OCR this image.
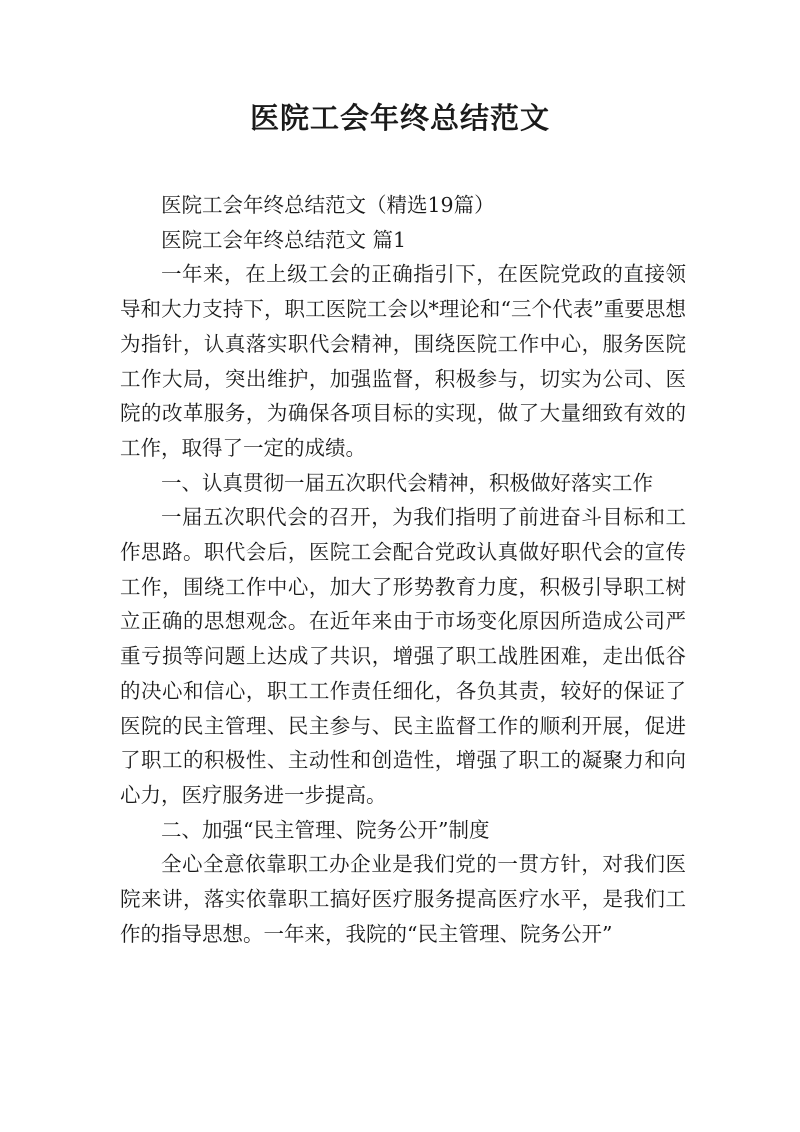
医院工会年终总结范文

医院工会年终总结范文（精选19篇）

医院工会年终总结范文 篇1

一年来，在上级工会的正确指引下，在医院党政的直接领导和大力支持下，职工医院工会以*理论和“三个代表”重要思想为指针，认真落实职代会精神，围绕医院工作中心，服务医院工作大局，突出维护，加强监督，积极参与，切实为公司、医院的改革服务，为确保各项目标的实现，做了大量细致有效的工作，取得了一定的成绩。

一、认真贯彻一届五次职代会精神，积极做好落实工作

一届五次职代会的召开，为我们指明了前进奋斗目标和工作思路。职代会后，医院工会配合党政认真做好职代会的宣传工作，围绕工作中心，加大了形势教育力度，积极引导职工树立正确的思想观念。在近年来由于市场变化原因所造成公司严重亏损等问题上达成了共识，增强了职工战胜困难，走出低谷的决心和信心，职工工作责任细化，各负其责，较好的保证了医院的民主管理、民主参与、民主监督工作的顺利开展，促进了职工的积极性、主动性和创造性，增强了职工的凝聚力和向心力，医疗服务进一步提高。

二、加强“民主管理、院务公开”制度

全心全意依靠职工办企业是我们党的一贯方针，对我们医院来讲，落实依靠职工搞好医疗服务提高医疗水平，是我们工作的指导思想。一年来，我院的“民主管理、院务公开”
